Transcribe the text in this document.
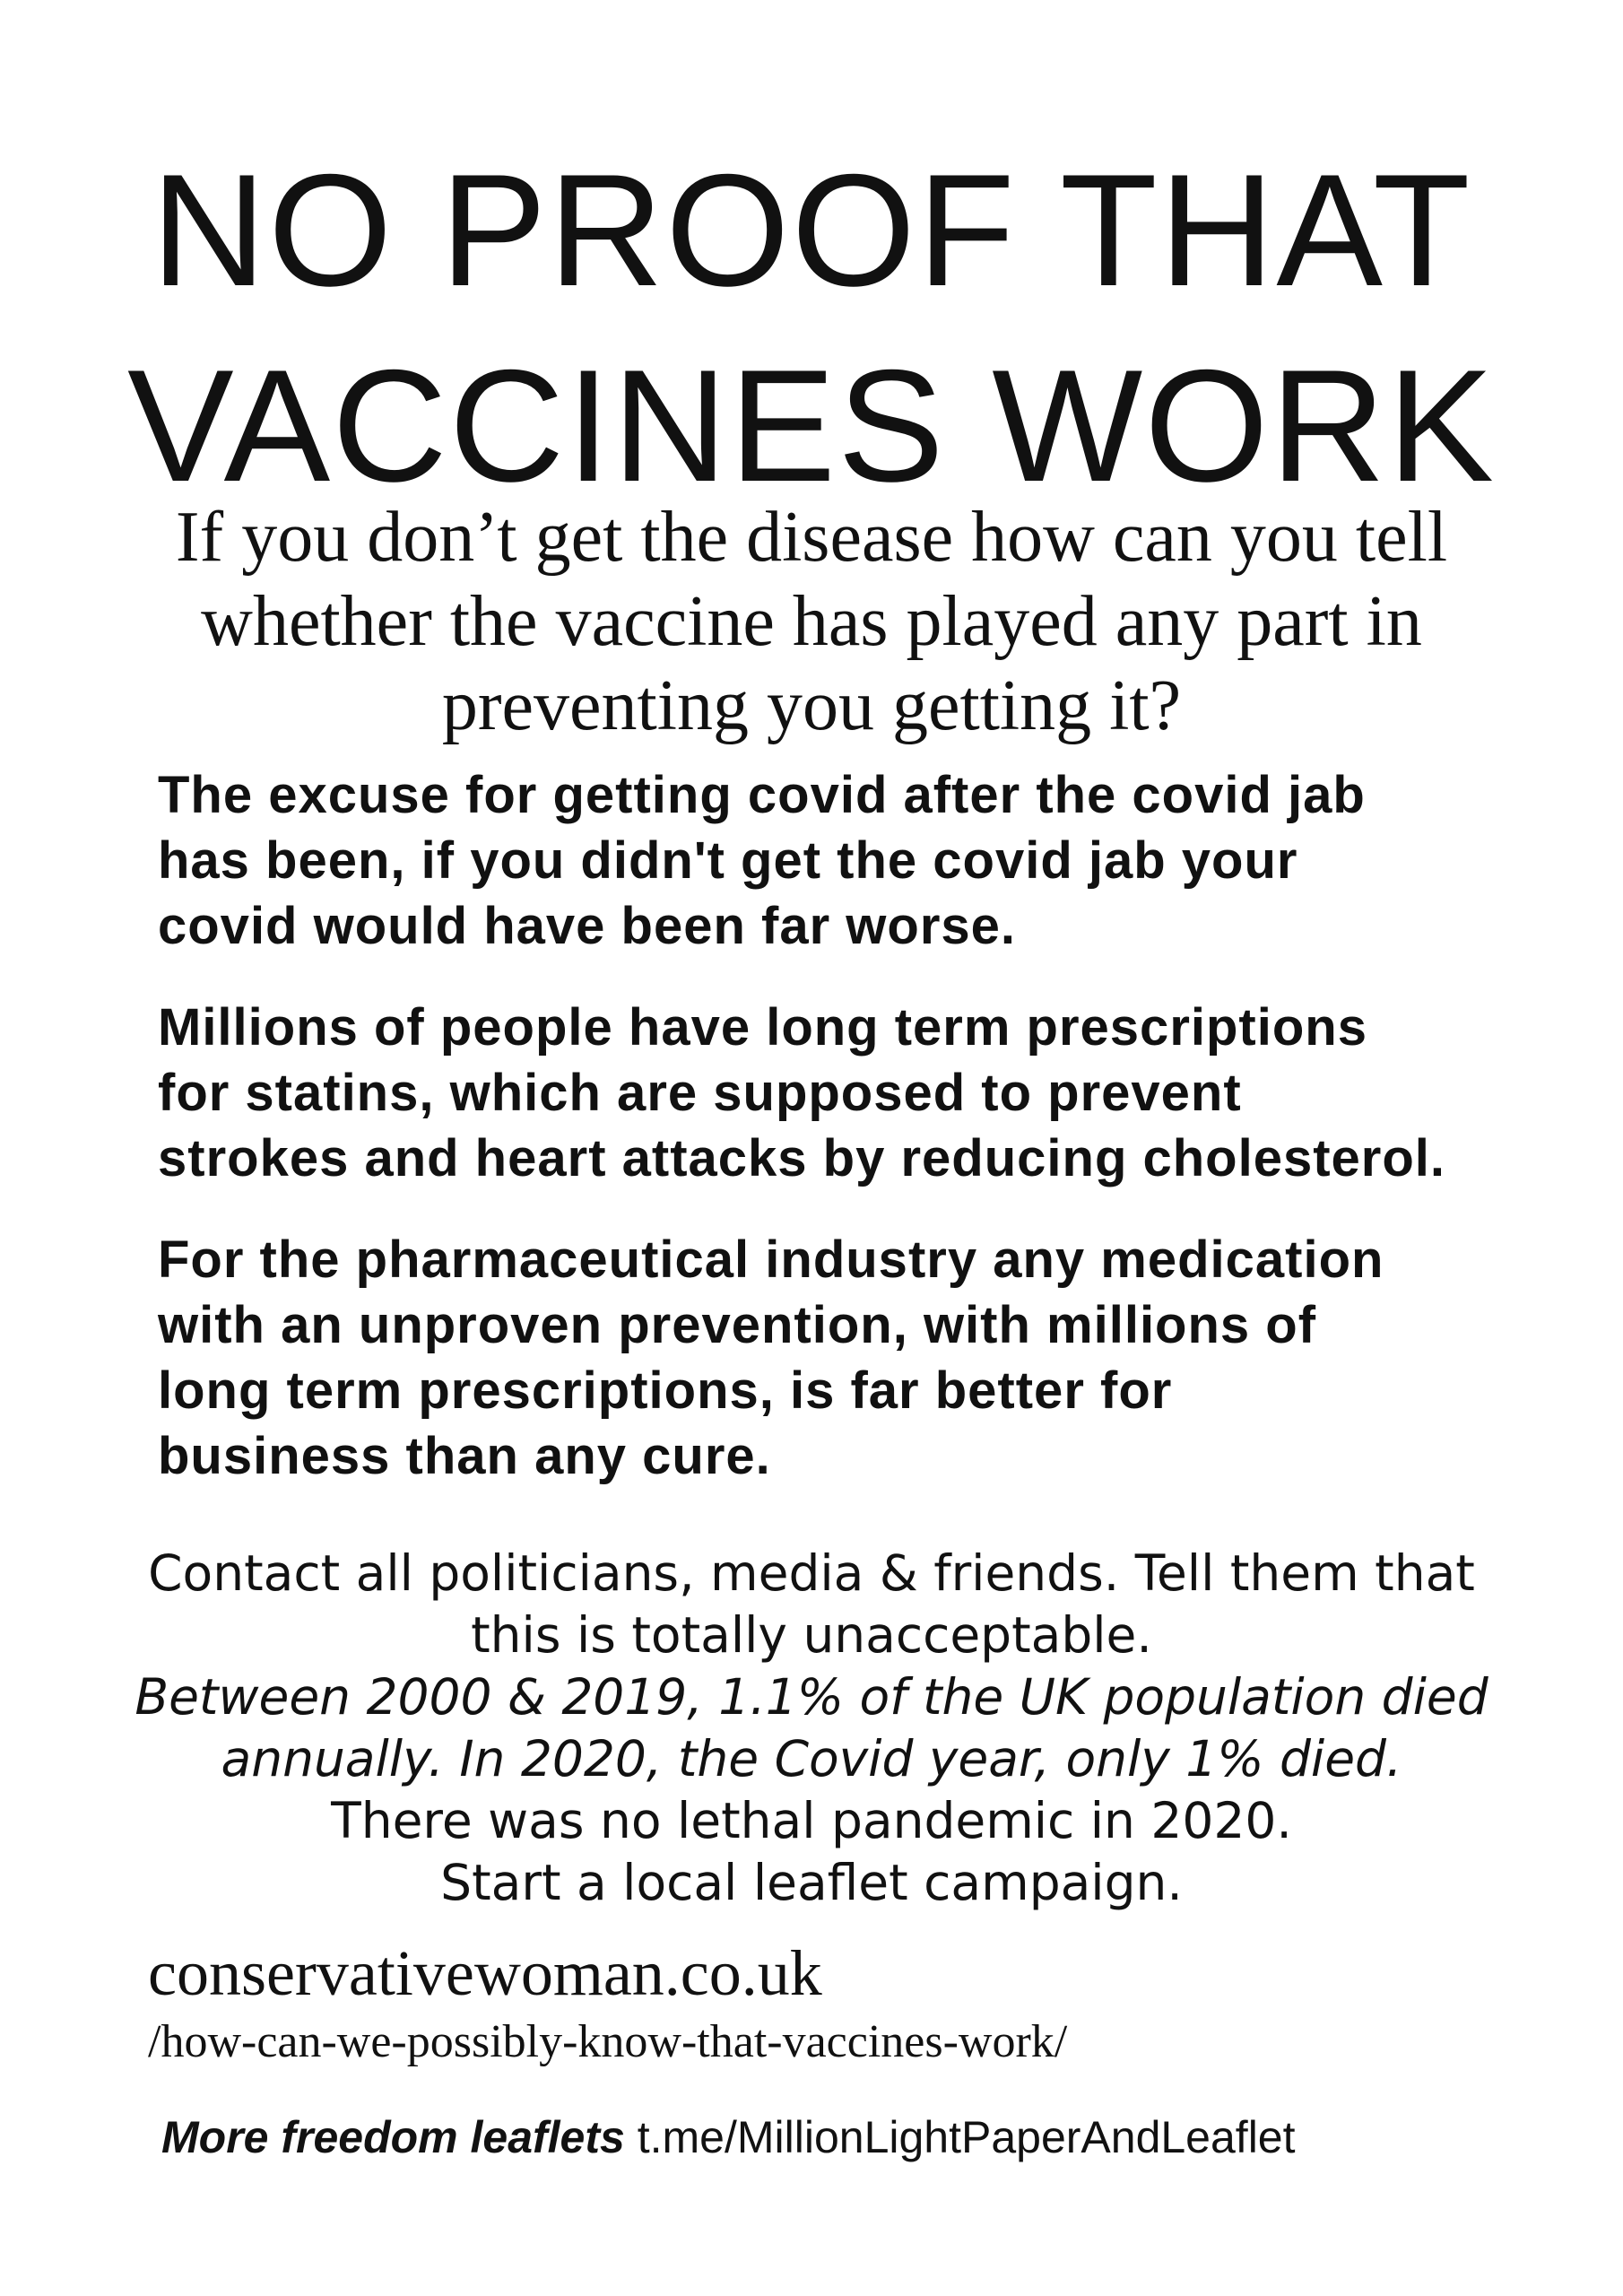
NO PROOF THAT
VACCINES WORK

If you don’t get the disease how can you tell
whether the vaccine has played any part in
preventing you getting it?

The excuse for getting covid after the covid jab
has been, if you didn't get the covid jab your
covid would have been far worse.

Millions of people have long term prescriptions
for statins, which are supposed to prevent
strokes and heart attacks by reducing cholesterol.

For the pharmaceutical industry any medication
with an unproven prevention, with millions of
long term prescriptions, is far better for
business than any cure.

Contact all politicians, media & friends. Tell them that
this is totally unacceptable.
Between 2000 & 2019, 1.1% of the UK population died
annually. In 2020, the Covid year, only 1% died.
There was no lethal pandemic in 2020.
Start a local leaflet campaign.

conservativewoman.co.uk

/how-can-we-possibly-know-that-vaccines-work/

More freedom leaflets t.me/MillionLightPaperAndLeaflet
